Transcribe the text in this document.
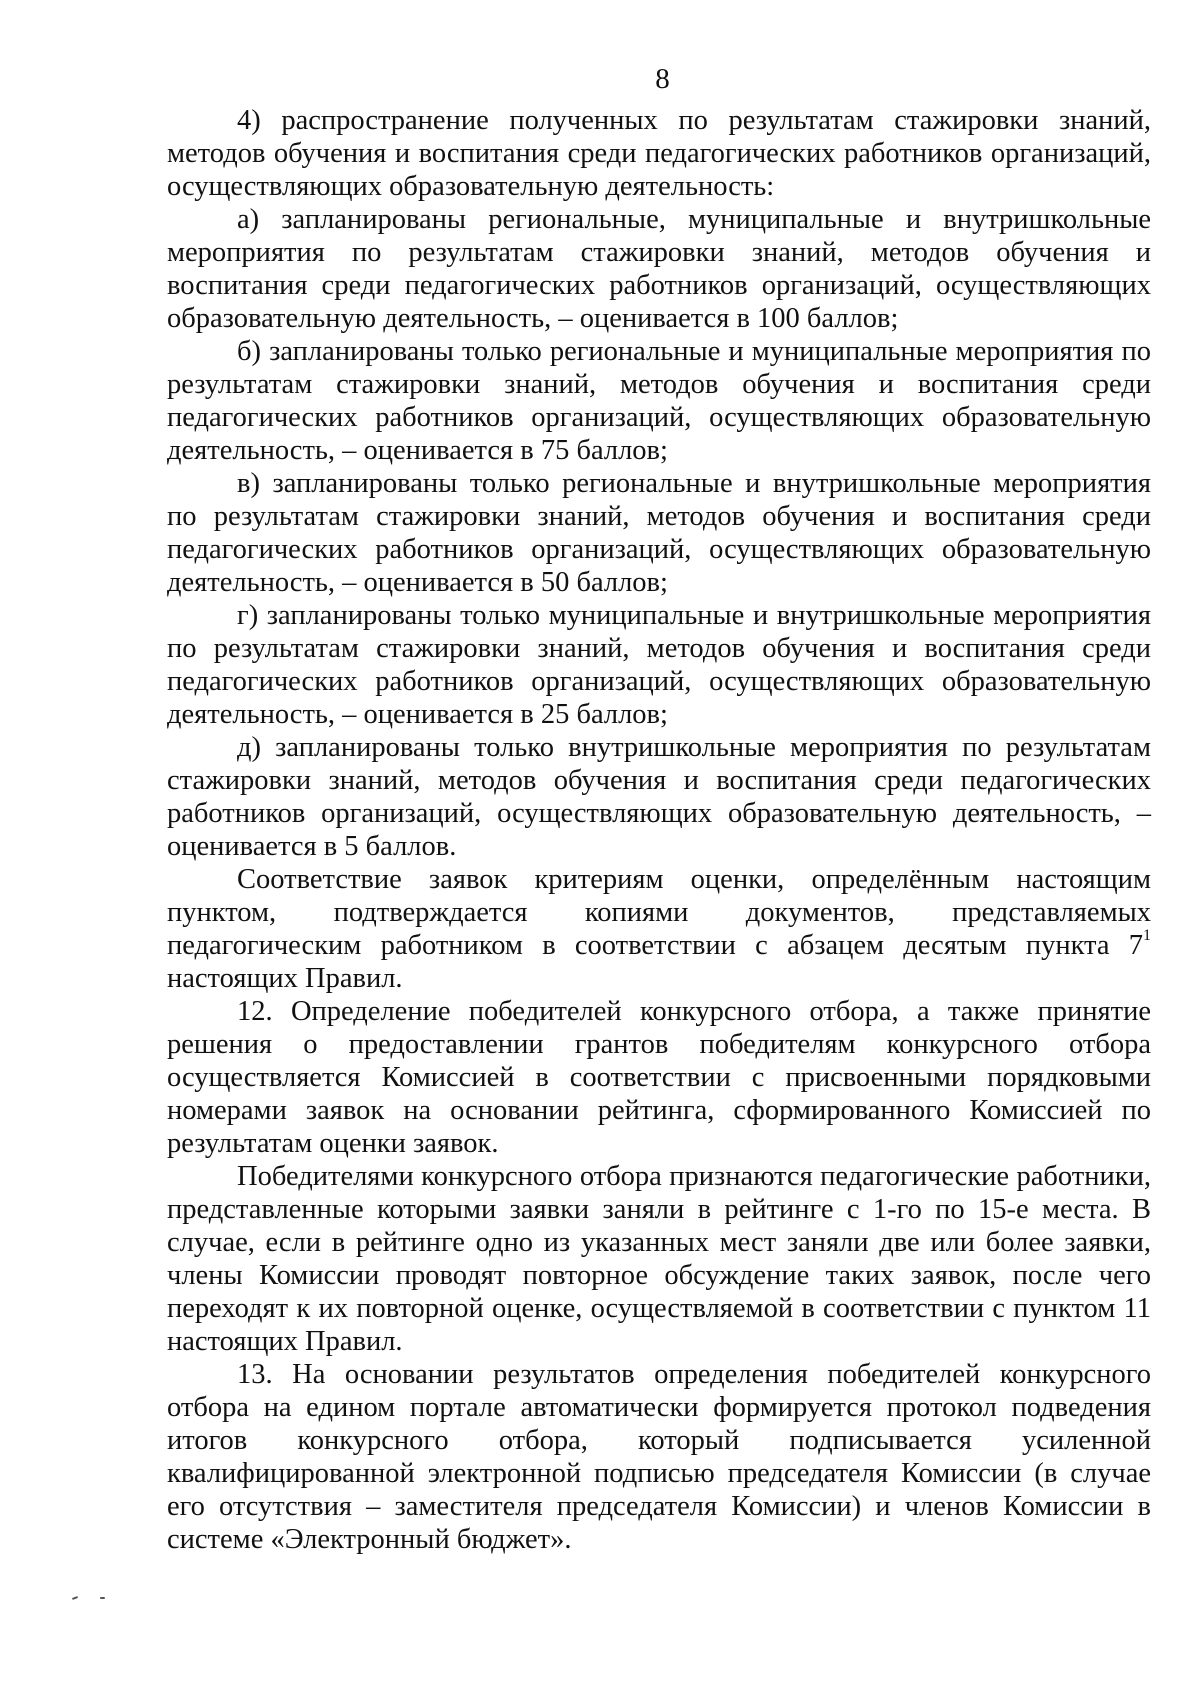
8

4) распространение полученных по результатам стажировки знаний, методов обучения и воспитания среди педагогических работников организаций, осуществляющих образовательную деятельность:

а) запланированы региональные, муниципальные и внутришкольные мероприятия по результатам стажировки знаний, методов обучения и воспитания среди педагогических работников организаций, осуществляющих образовательную деятельность, – оценивается в 100 баллов;

б) запланированы только региональные и муниципальные мероприятия по результатам стажировки знаний, методов обучения и воспитания среди педагогических работников организаций, осуществляющих образовательную деятельность, – оценивается в 75 баллов;

в) запланированы только региональные и внутришкольные мероприятия по результатам стажировки знаний, методов обучения и воспитания среди педагогических работников организаций, осуществляющих образовательную деятельность, – оценивается в 50 баллов;

г) запланированы только муниципальные и внутришкольные мероприятия по результатам стажировки знаний, методов обучения и воспитания среди педагогических работников организаций, осуществляющих образовательную деятельность, – оценивается в 25 баллов;

д) запланированы только внутришкольные мероприятия по результатам стажировки знаний, методов обучения и воспитания среди педагогических работников организаций, осуществляющих образовательную деятельность, – оценивается в 5 баллов.

Соответствие заявок критериям оценки, определённым настоящим пунктом, подтверждается копиями документов, представляемых педагогическим работником в соответствии с абзацем десятым пункта $7^1$ настоящих Правил.

12. Определение победителей конкурсного отбора, а также принятие решения о предоставлении грантов победителям конкурсного отбора осуществляется Комиссией в соответствии с присвоенными порядковыми номерами заявок на основании рейтинга, сформированного Комиссией по результатам оценки заявок.

Победителями конкурсного отбора признаются педагогические работники, представленные которыми заявки заняли в рейтинге с 1-го по 15-е места. В случае, если в рейтинге одно из указанных мест заняли две или более заявки, члены Комиссии проводят повторное обсуждение таких заявок, после чего переходят к их повторной оценке, осуществляемой в соответствии с пунктом 11 настоящих Правил.

13. На основании результатов определения победителей конкурсного отбора на едином портале автоматически формируется протокол подведения итогов конкурсного отбора, который подписывается усиленной квалифицированной электронной подписью председателя Комиссии (в случае его отсутствия – заместителя председателя Комиссии) и членов Комиссии в системе «Электронный бюджет».
